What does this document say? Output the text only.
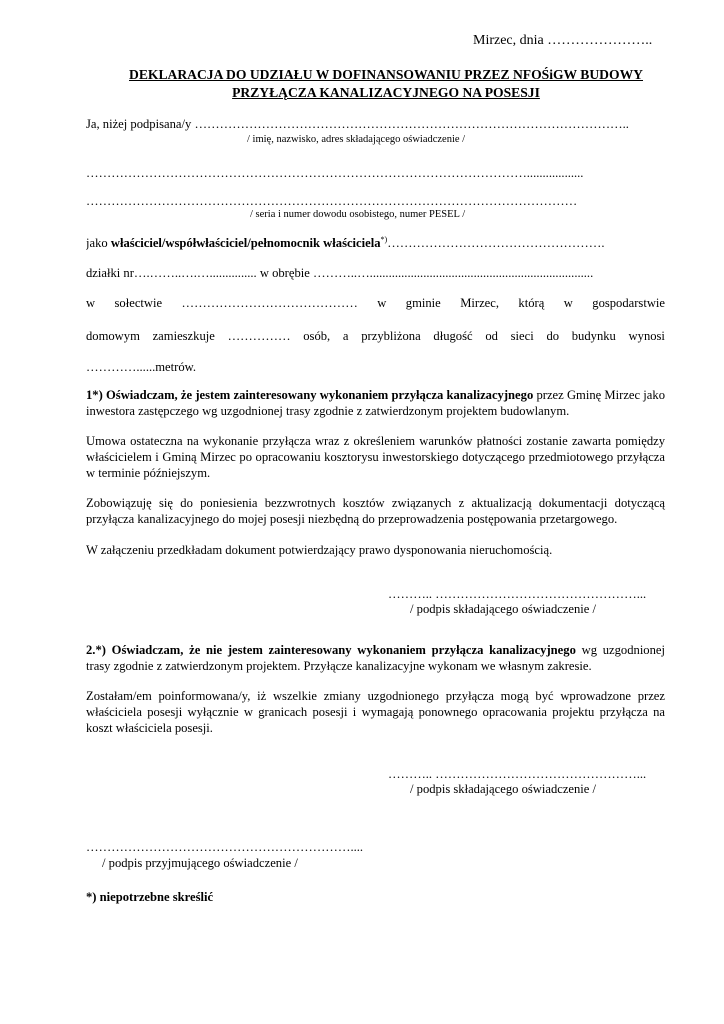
Mirzec, dnia …………………..
DEKLARACJA DO UDZIAŁU W DOFINANSOWANIU PRZEZ NFOŚiGW BUDOWY
PRZYŁĄCZA KANALIZACYJNEGO NA POSESJI
Ja, niżej podpisana/y …………………………………………………………………………………………..
/ imię, nazwisko, adres składającego oświadczenie /
……………………………………………………………………………………………..................
………………………………………………………………………………………………………
/ seria i numer dowodu osobistego, numer PESEL /
jako właściciel/współwłaściciel/pełnomocnik właściciela*)…………………………………………….
działki nr….……..….…............... w obrębie ………..….......................................................................
w sołectwie …………………………………… w gminie Mirzec, którą w gospodarstwie
domowym zamieszkuje …………… osób, a przybliżona długość od sieci do budynku wynosi
…………......metrów.
1*) Oświadczam, że jestem zainteresowany wykonaniem przyłącza kanalizacyjnego przez Gminę Mirzec jako inwestora zastępczego wg uzgodnionej trasy zgodnie z zatwierdzonym projektem budowlanym.
Umowa ostateczna na wykonanie przyłącza wraz z określeniem warunków płatności zostanie zawarta pomiędzy właścicielem i Gminą Mirzec po opracowaniu kosztorysu inwestorskiego dotyczącego przedmiotowego przyłącza w terminie późniejszym.
Zobowiązuję się do poniesienia bezzwrotnych kosztów związanych z aktualizacją dokumentacji dotyczącą przyłącza kanalizacyjnego do mojej posesji niezbędną do przeprowadzenia postępowania przetargowego.
W załączeniu przedkładam dokument potwierdzający prawo dysponowania nieruchomością.
……….. …………………………………………...
/ podpis składającego oświadczenie /
2.*) Oświadczam, że nie jestem zainteresowany wykonaniem przyłącza kanalizacyjnego wg uzgodnionej trasy zgodnie z zatwierdzonym projektem. Przyłącze kanalizacyjne wykonam we własnym zakresie.
Zostałam/em poinformowana/y, iż wszelkie zmiany uzgodnionego przyłącza mogą być wprowadzone przez właściciela posesji wyłącznie w granicach posesji i wymagają ponownego opracowania projektu przyłącza na koszt właściciela posesji.
……….. …………………………………………...
/ podpis składającego oświadczenie /
………………………………………………………....
/ podpis przyjmującego oświadczenie /
*) niepotrzebne skreślić
